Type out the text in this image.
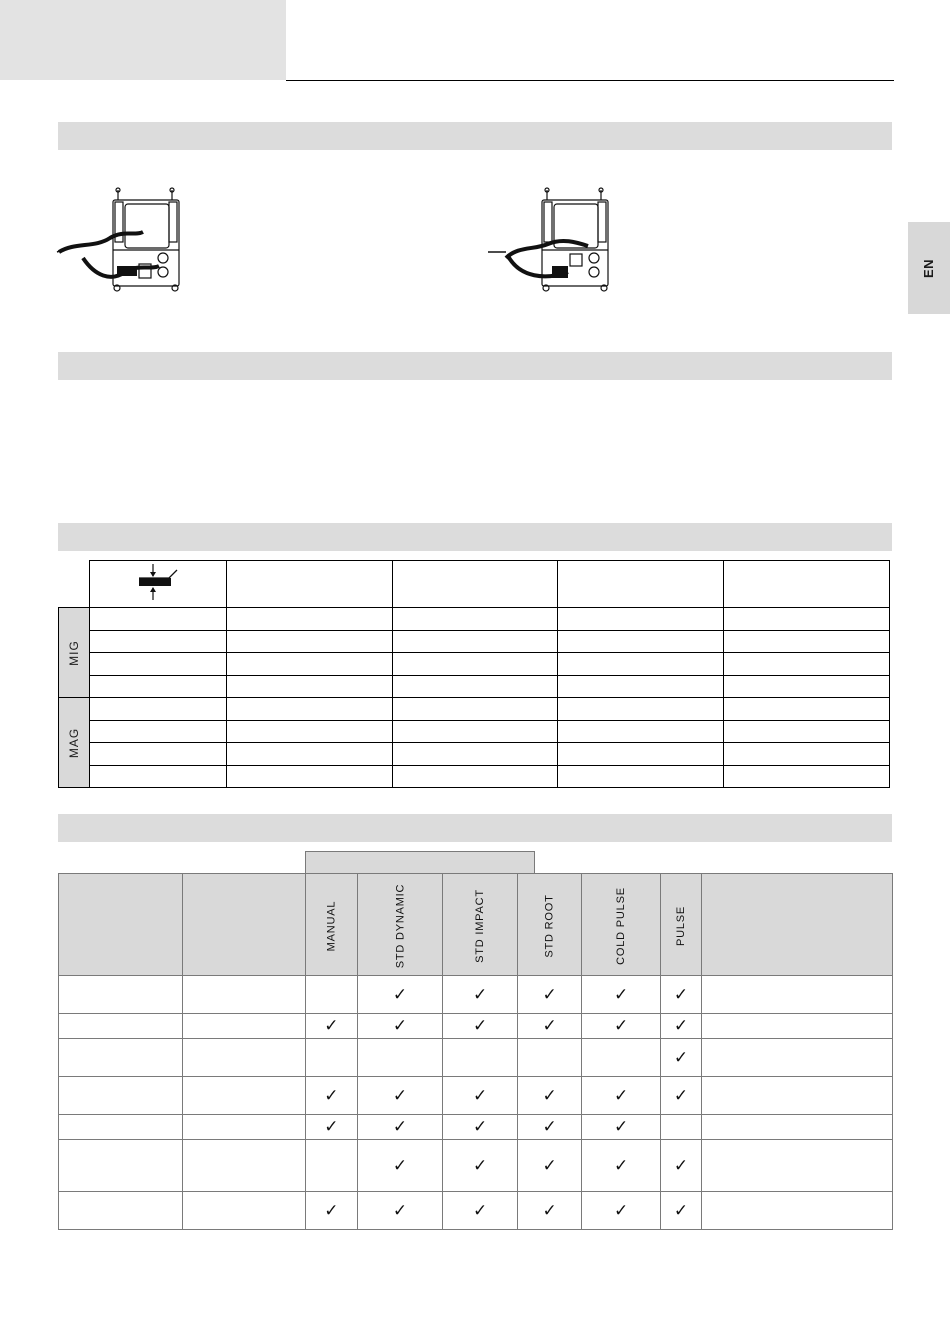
EN

MIG					

MAG					

		MANUAL	STD DYNAMIC	STD IMPACT	STD ROOT	COLD PULSE	PULSE	
			✓	✓	✓	✓	✓	
		✓	✓	✓	✓	✓	✓	
							✓	
		✓	✓	✓	✓	✓	✓	
		✓	✓	✓	✓	✓		
			✓	✓	✓	✓	✓	
		✓	✓	✓	✓	✓	✓	
